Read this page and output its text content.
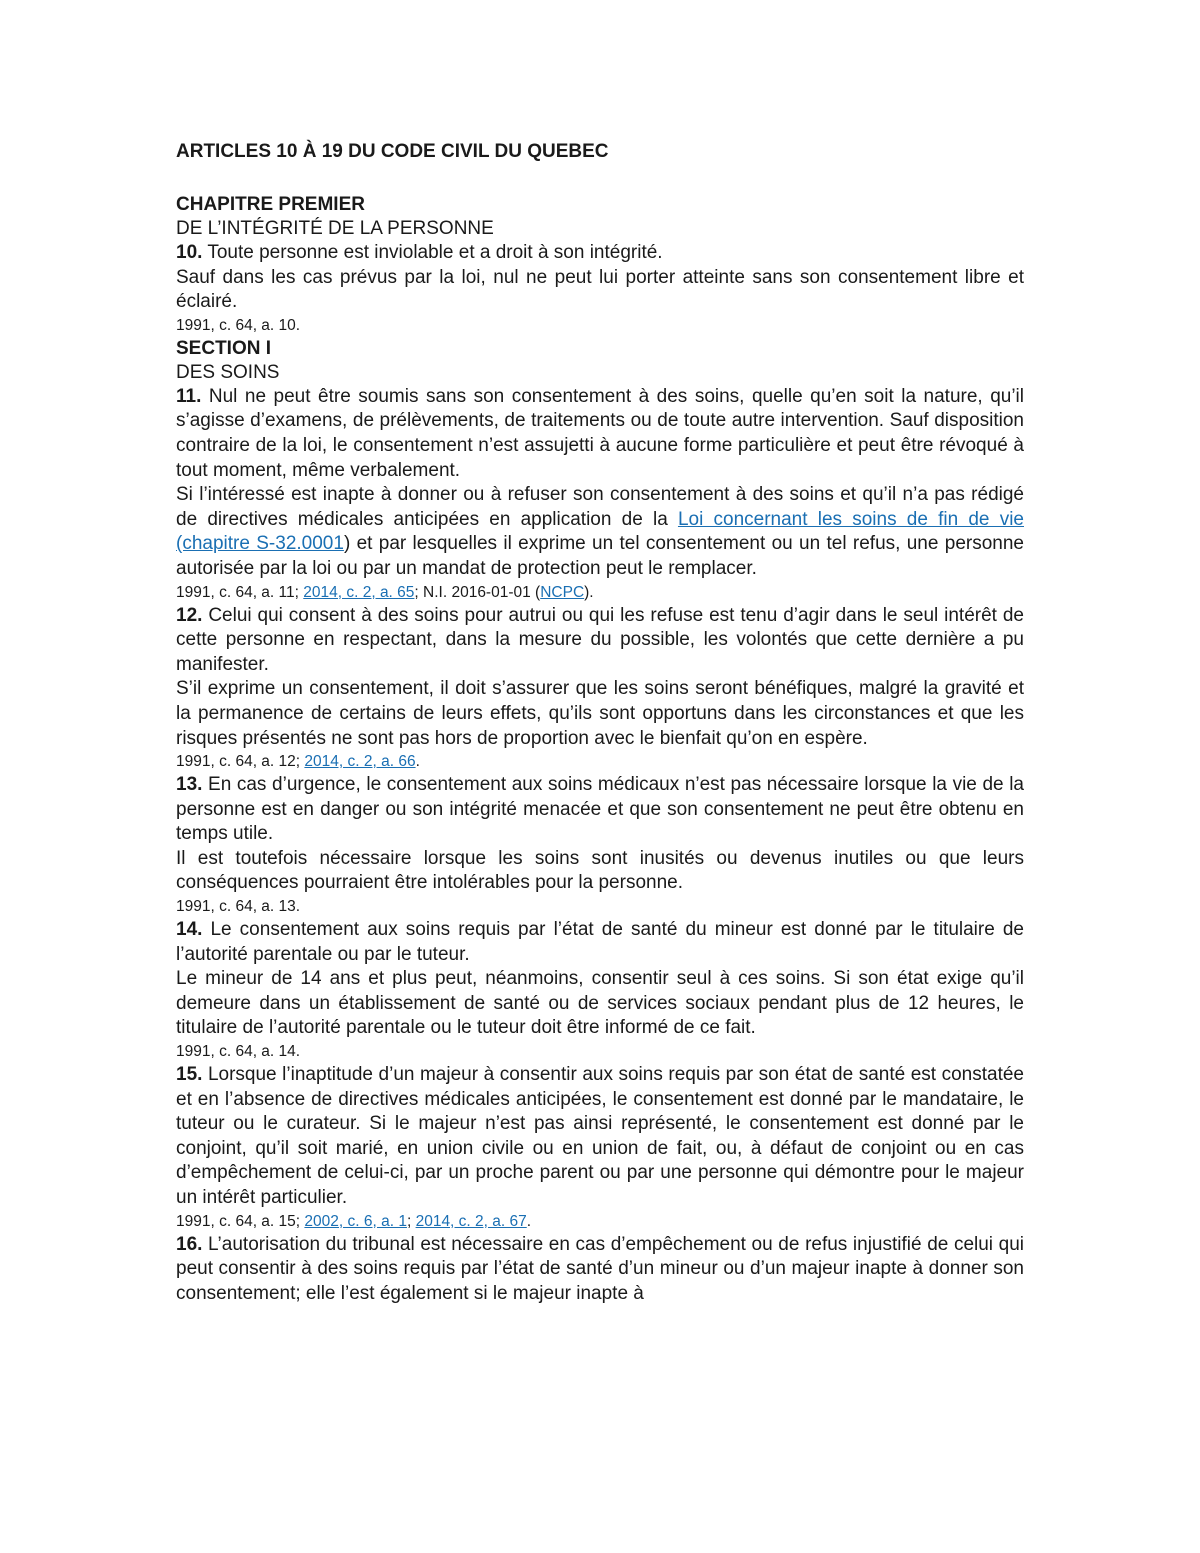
ARTICLES 10 À 19 DU CODE CIVIL DU QUEBEC
CHAPITRE PREMIER
DE L’INTÉGRITÉ DE LA PERSONNE

10. Toute personne est inviolable et a droit à son intégrité.

Sauf dans les cas prévus par la loi, nul ne peut lui porter atteinte sans son consentement libre et éclairé.

1991, c. 64, a. 10.

SECTION I
DES SOINS

11. Nul ne peut être soumis sans son consentement à des soins, quelle qu’en soit la nature, qu’il s’agisse d’examens, de prélèvements, de traitements ou de toute autre intervention. Sauf disposition contraire de la loi, le consentement n’est assujetti à aucune forme particulière et peut être révoqué à tout moment, même verbalement.

Si l’intéressé est inapte à donner ou à refuser son consentement à des soins et qu’il n’a pas rédigé de directives médicales anticipées en application de la Loi concernant les soins de fin de vie (chapitre S-32.0001) et par lesquelles il exprime un tel consentement ou un tel refus, une personne autorisée par la loi ou par un mandat de protection peut le remplacer.

1991, c. 64, a. 11; 2014, c. 2, a. 65; N.I. 2016-01-01 (NCPC).

12. Celui qui consent à des soins pour autrui ou qui les refuse est tenu d’agir dans le seul intérêt de cette personne en respectant, dans la mesure du possible, les volontés que cette dernière a pu manifester.

S’il exprime un consentement, il doit s’assurer que les soins seront bénéfiques, malgré la gravité et la permanence de certains de leurs effets, qu’ils sont opportuns dans les circonstances et que les risques présentés ne sont pas hors de proportion avec le bienfait qu’on en espère.

1991, c. 64, a. 12; 2014, c. 2, a. 66.

13. En cas d’urgence, le consentement aux soins médicaux n’est pas nécessaire lorsque la vie de la personne est en danger ou son intégrité menacée et que son consentement ne peut être obtenu en temps utile.

Il est toutefois nécessaire lorsque les soins sont inusités ou devenus inutiles ou que leurs conséquences pourraient être intolérables pour la personne.

1991, c. 64, a. 13.

14. Le consentement aux soins requis par l’état de santé du mineur est donné par le titulaire de l’autorité parentale ou par le tuteur.

Le mineur de 14 ans et plus peut, néanmoins, consentir seul à ces soins. Si son état exige qu’il demeure dans un établissement de santé ou de services sociaux pendant plus de 12 heures, le titulaire de l’autorité parentale ou le tuteur doit être informé de ce fait.

1991, c. 64, a. 14.

15. Lorsque l’inaptitude d’un majeur à consentir aux soins requis par son état de santé est constatée et en l’absence de directives médicales anticipées, le consentement est donné par le mandataire, le tuteur ou le curateur. Si le majeur n’est pas ainsi représenté, le consentement est donné par le conjoint, qu’il soit marié, en union civile ou en union de fait, ou, à défaut de conjoint ou en cas d’empêchement de celui-ci, par un proche parent ou par une personne qui démontre pour le majeur un intérêt particulier.

1991, c. 64, a. 15; 2002, c. 6, a. 1; 2014, c. 2, a. 67.

16. L’autorisation du tribunal est nécessaire en cas d’empêchement ou de refus injustifié de celui qui peut consentir à des soins requis par l’état de santé d’un mineur ou d’un majeur inapte à donner son consentement; elle l’est également si le majeur inapte à
